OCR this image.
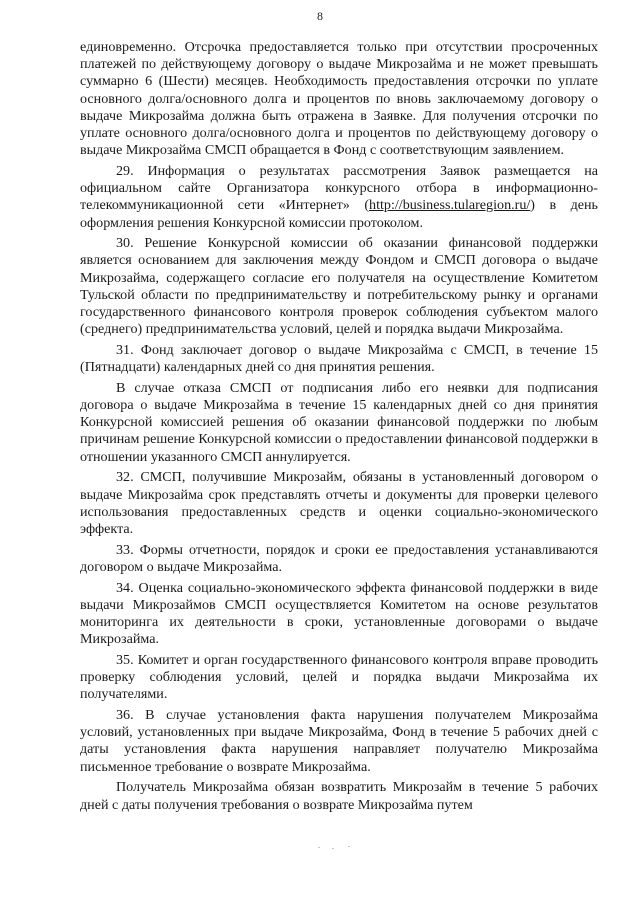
8

единовременно. Отсрочка предоставляется только при отсутствии просроченных платежей по действующему договору о выдаче Микрозайма и не может превышать суммарно 6 (Шести) месяцев. Необходимость предоставления отсрочки по уплате основного долга/основного долга и процентов по вновь заключаемому договору о выдаче Микрозайма должна быть отражена в Заявке. Для получения отсрочки по уплате основного долга/основного долга и процентов по действующему договору о выдаче Микрозайма СМСП обращается в Фонд с соответствующим заявлением.

29. Информация о результатах рассмотрения Заявок размещается на официальном сайте Организатора конкурсного отбора в информационно-телекоммуникационной сети «Интернет» (http://business.tularegion.ru/) в день оформления решения Конкурсной комиссии протоколом.

30. Решение Конкурсной комиссии об оказании финансовой поддержки является основанием для заключения между Фондом и СМСП договора о выдаче Микрозайма, содержащего согласие его получателя на осуществление Комитетом Тульской области по предпринимательству и потребительскому рынку и органами государственного финансового контроля проверок соблюдения субъектом малого (среднего) предпринимательства условий, целей и порядка выдачи Микрозайма.

31. Фонд заключает договор о выдаче Микрозайма с СМСП, в течение 15 (Пятнадцати) календарных дней со дня принятия решения.

В случае отказа СМСП от подписания либо его неявки для подписания договора о выдаче Микрозайма в течение 15 календарных дней со дня принятия Конкурсной комиссией решения об оказании финансовой поддержки по любым причинам решение Конкурсной комиссии о предоставлении финансовой поддержки в отношении указанного СМСП аннулируется.

32. СМСП, получившие Микрозайм, обязаны в установленный договором о выдаче Микрозайма срок представлять отчеты и документы для проверки целевого использования предоставленных средств и оценки социально-экономического эффекта.

33. Формы отчетности, порядок и сроки ее предоставления устанавливаются договором о выдаче Микрозайма.

34. Оценка социально-экономического эффекта финансовой поддержки в виде выдачи Микрозаймов СМСП осуществляется Комитетом на основе результатов мониторинга их деятельности в сроки, установленные договорами о выдаче Микрозайма.

35. Комитет и орган государственного финансового контроля вправе проводить проверку соблюдения условий, целей и порядка выдачи Микрозайма их получателями.

36. В случае установления факта нарушения получателем Микрозайма условий, установленных при выдаче Микрозайма, Фонд в течение 5 рабочих дней с даты установления факта нарушения направляет получателю Микрозайма письменное требование о возврате Микрозайма.

Получатель Микрозайма обязан возвратить Микрозайм в течение 5 рабочих дней с даты получения требования о возврате Микрозайма путем
